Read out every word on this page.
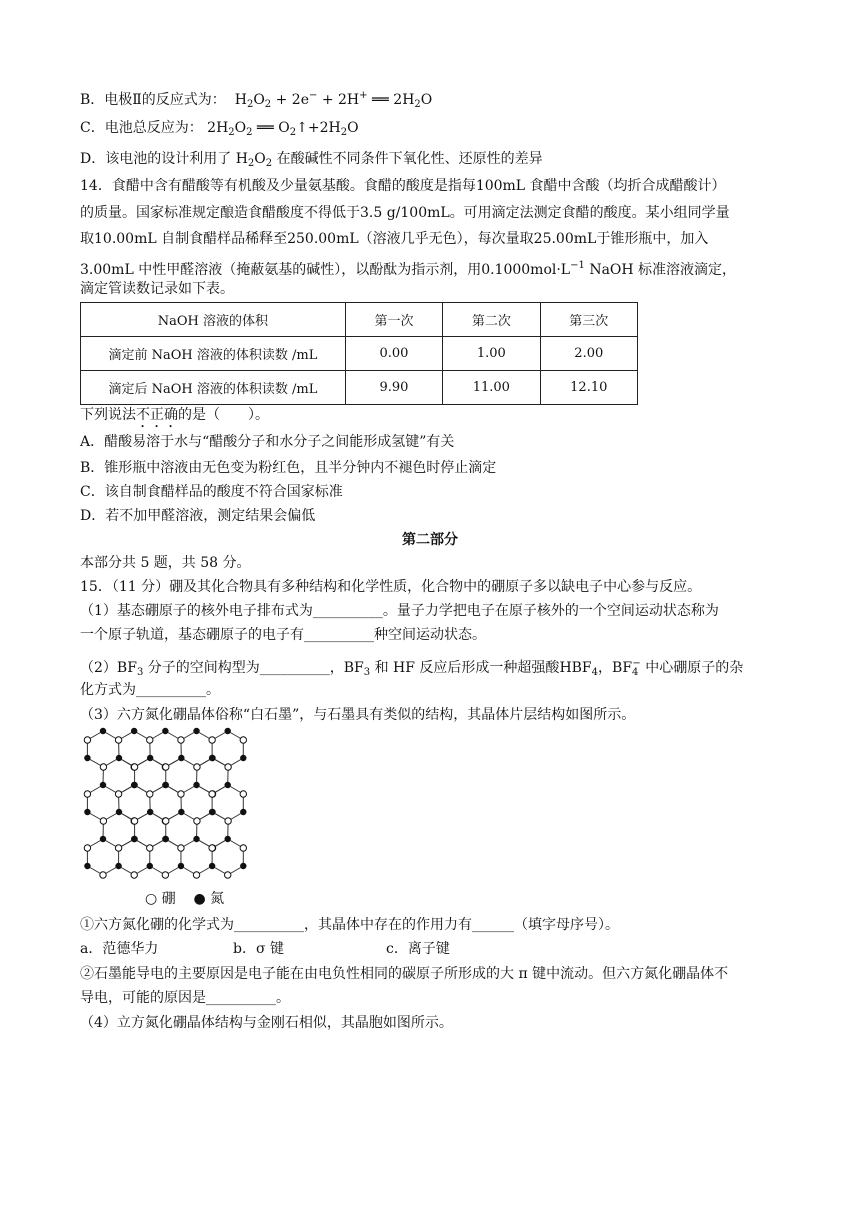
B．电极Ⅱ的反应式为：  $H_2O_2 + 2e^- + 2H^+$ ══ $2H_2O$
C．电池总反应为： $2H_2O_2$ ══ $O_2↑+2H_2O$
D．该电池的设计利用了 $H_2O_2$ 在酸碱性不同条件下氧化性、还原性的差异
14．食醋中含有醋酸等有机酸及少量氨基酸。食醋的酸度是指每100mL 食醋中含酸（均折合成醋酸计）
的质量。国家标准规定酿造食醋酸度不得低于3.5 g/100mL。可用滴定法测定食醋的酸度。某小组同学量
取10.00mL 自制食醋样品稀释至250.00mL（溶液几乎无色），每次量取25.00mL于锥形瓶中，加入
3.00mL 中性甲醛溶液（掩蔽氨基的碱性），以酚酞为指示剂，用$0.1000mol\cdot L^{-1}$ NaOH 标准溶液滴定，
滴定管读数记录如下表。
NaOH 溶液的体积	第一次	第二次	第三次
滴定前 NaOH 溶液的体积读数 /mL	0.00	1.00	2.00
滴定后 NaOH 溶液的体积读数 /mL	9.90	11.00	12.10
下列说法不正确的是（　　）。
A．醋酸易溶于水与“醋酸分子和水分子之间能形成氢键”有关
B．锥形瓶中溶液由无色变为粉红色，且半分钟内不褪色时停止滴定
C．该自制食醋样品的酸度不符合国家标准
D．若不加甲醛溶液，测定结果会偏低
第二部分
本部分共 5 题，共 58 分。
15．（11 分）硼及其化合物具有多种结构和化学性质，化合物中的硼原子多以缺电子中心参与反应。
（1）基态硼原子的核外电子排布式为__________。量子力学把电子在原子核外的一个空间运动状态称为
一个原子轨道，基态硼原子的电子有__________种空间运动状态。
$(2)BF_3$ 分子的空间构型为__________，$BF_3$ 和 HF 反应后形成一种超强酸$HBF_4$，$BF_4^-$ 中心硼原子的杂
化方式为__________。
（3）六方氮化硼晶体俗称“白石墨”，与石墨具有类似的结构，其晶体片层结构如图所示。
○ 硼 ● 氮
①六方氮化硼的化学式为__________，其晶体中存在的作用力有______（填字母序号）。
a．范德华力	b．σ 键	c．离子键
②石墨能导电的主要原因是电子能在由电负性相同的碳原子所形成的大 π 键中流动。但六方氮化硼晶体不
导电，可能的原因是__________。
（4）立方氮化硼晶体结构与金刚石相似，其晶胞如图所示。
